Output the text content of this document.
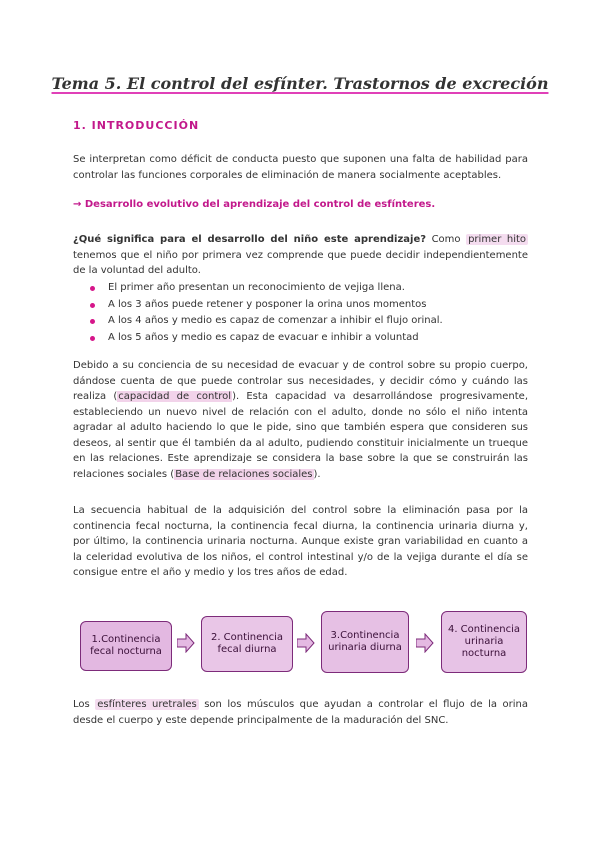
Tema 5. El control del esfínter. Trastornos de excreción
1. INTRODUCCIÓN

Se interpretan como déficit de conducta puesto que suponen una falta de habilidad para controlar las funciones corporales de eliminación de manera socialmente aceptables.

→ Desarrollo evolutivo del aprendizaje del control de esfínteres.

¿Qué significa para el desarrollo del niño este aprendizaje? Como primer hito tenemos que el niño por primera vez comprende que puede decidir independientemente de la voluntad del adulto.

El primer año presentan un reconocimiento de vejiga llena.
A los 3 años puede retener y posponer la orina unos momentos
A los 4 años y medio es capaz de comenzar a inhibir el flujo orinal.
A los 5 años y medio es capaz de evacuar e inhibir a voluntad

Debido a su conciencia de su necesidad de evacuar y de control sobre su propio cuerpo, dándose cuenta de que puede controlar sus necesidades, y decidir cómo y cuándo las realiza (capacidad de control). Esta capacidad va desarrollándose progresivamente, estableciendo un nuevo nivel de relación con el adulto, donde no sólo el niño intenta agradar al adulto haciendo lo que le pide, sino que también espera que consideren sus deseos, al sentir que él también da al adulto, pudiendo constituir inicialmente un trueque en las relaciones. Este aprendizaje se considera la base sobre la que se construirán las relaciones sociales (Base de relaciones sociales).

La secuencia habitual de la adquisición del control sobre la eliminación pasa por la continencia fecal nocturna, la continencia fecal diurna, la continencia urinaria diurna y, por último, la continencia urinaria nocturna. Aunque existe gran variabilidad en cuanto a la celeridad evolutiva de los niños, el control intestinal y/o de la vejiga durante el día se consigue entre el año y medio y los tres años de edad.

1.Continencia fecal nocturna
2. Continencia fecal diurna
3.Continencia urinaria diurna
4. Continencia urinaria nocturna

Los esfínteres uretrales son los músculos que ayudan a controlar el flujo de la orina desde el cuerpo y este depende principalmente de la maduración del SNC.
